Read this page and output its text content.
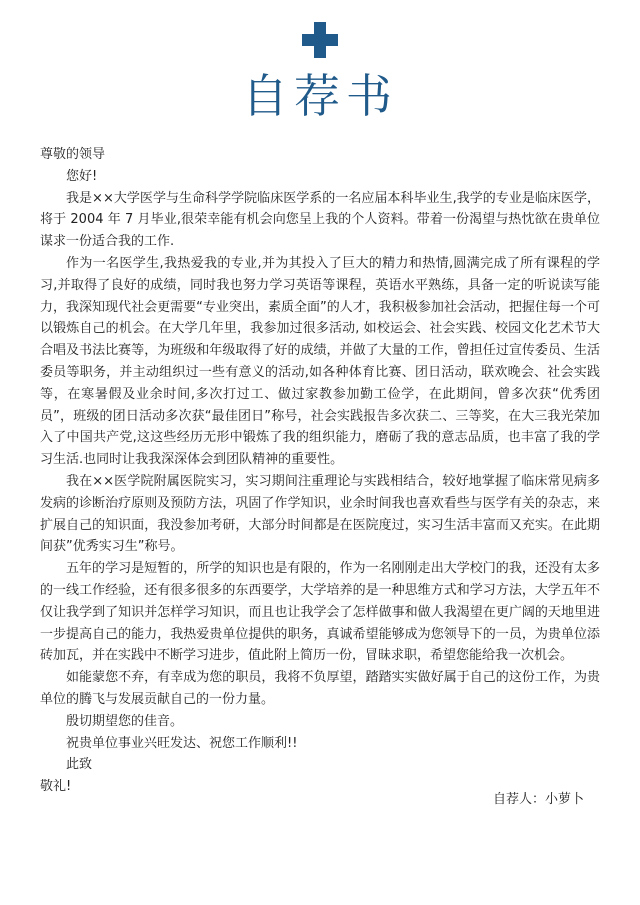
自荐书

尊敬的领导

您好!

我是××大学医学与生命科学学院临床医学系的一名应届本科毕业生,我学的专业是临床医学，将于 2004 年 7 月毕业,很荣幸能有机会向您呈上我的个人资料。带着一份渴望与热忱欲在贵单位谋求一份适合我的工作.

作为一名医学生,我热爱我的专业,并为其投入了巨大的精力和热情,圆满完成了所有课程的学习,并取得了良好的成绩，同时我也努力学习英语等课程，英语水平熟练，具备一定的听说读写能力，我深知现代社会更需要“专业突出，素质全面”的人才，我积极参加社会活动，把握住每一个可以锻炼自己的机会。在大学几年里，我参加过很多活动, 如校运会、社会实践、校园文化艺术节大合唱及书法比赛等，为班级和年级取得了好的成绩，并做了大量的工作，曾担任过宣传委员、生活委员等职务，并主动组织过一些有意义的活动,如各种体育比赛、团日活动，联欢晚会、社会实践等，在寒暑假及业余时间,多次打过工、做过家教参加勤工俭学，在此期间，曾多次获“优秀团员”，班级的团日活动多次获“最佳团日”称号，社会实践报告多次获二、三等奖，在大三我光荣加入了中国共产党,这这些经历无形中锻炼了我的组织能力，磨砺了我的意志品质，也丰富了我的学习生活.也同时让我我深深体会到团队精神的重要性。

我在××医学院附属医院实习，实习期间注重理论与实践相结合，较好地掌握了临床常见病多发病的诊断治疗原则及预防方法，巩固了作学知识，业余时间我也喜欢看些与医学有关的杂志，来扩展自己的知识面，我没参加考研，大部分时间都是在医院度过，实习生活丰富而又充实。在此期间获”优秀实习生”称号。

五年的学习是短暂的，所学的知识也是有限的，作为一名刚刚走出大学校门的我，还没有太多的一线工作经验，还有很多很多的东西要学，大学培养的是一种思维方式和学习方法，大学五年不仅让我学到了知识并怎样学习知识，而且也让我学会了怎样做事和做人我渴望在更广阔的天地里进一步提高自己的能力，我热爱贵单位提供的职务，真诚希望能够成为您领导下的一员，为贵单位添砖加瓦，并在实践中不断学习进步，值此附上简历一份，冒昧求职，希望您能给我一次机会。

如能蒙您不弃，有幸成为您的职员，我将不负厚望，踏踏实实做好属于自己的这份工作，为贵单位的腾飞与发展贡献自己的一份力量。

殷切期望您的佳音。

祝贵单位事业兴旺发达、祝您工作顺利!!

此致

敬礼!

自荐人：小萝卜
